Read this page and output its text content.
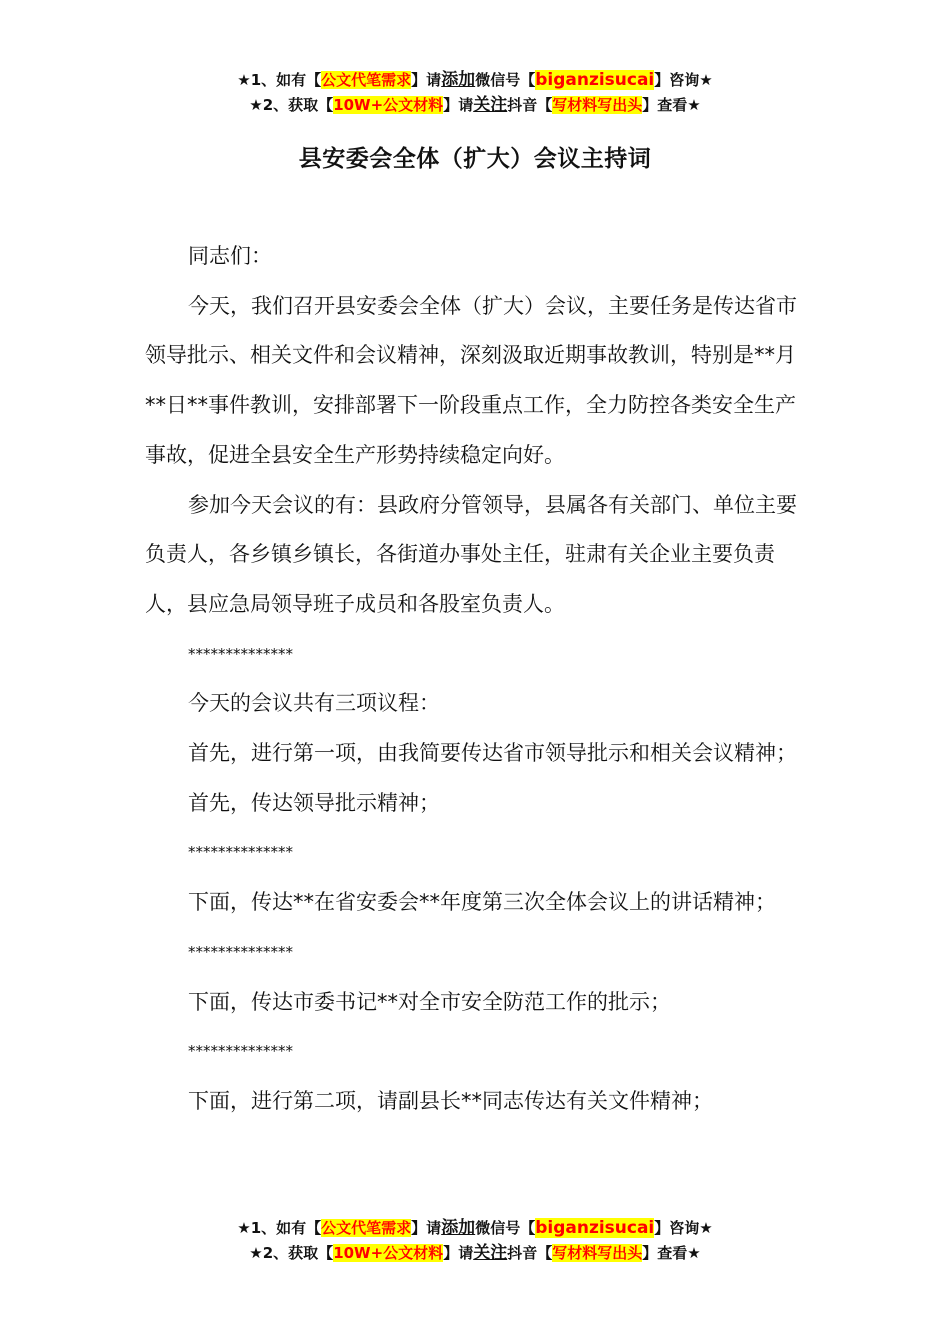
★1、如有【公文代笔需求】请添加微信号【biganzisucai】咨询★
★2、获取【10W+公文材料】请关注抖音【写材料写出头】查看★
县安委会全体（扩大）会议主持词

同志们：

今天，我们召开县安委会全体（扩大）会议，主要任务是传达省市领导批示、相关文件和会议精神，深刻汲取近期事故教训，特别是**月**日**事件教训，安排部署下一阶段重点工作，全力防控各类安全生产事故，促进全县安全生产形势持续稳定向好。

参加今天会议的有：县政府分管领导，县属各有关部门、单位主要负责人，各乡镇乡镇长，各街道办事处主任，驻肃有关企业主要负责人，县应急局领导班子成员和各股室负责人。

**************

今天的会议共有三项议程：

首先，进行第一项，由我简要传达省市领导批示和相关会议精神；

首先，传达领导批示精神；

**************

下面，传达**在省安委会**年度第三次全体会议上的讲话精神；

**************

下面，传达市委书记**对全市安全防范工作的批示；

**************

下面，进行第二项，请副县长**同志传达有关文件精神；

★1、如有【公文代笔需求】请添加微信号【biganzisucai】咨询★
★2、获取【10W+公文材料】请关注抖音【写材料写出头】查看★
